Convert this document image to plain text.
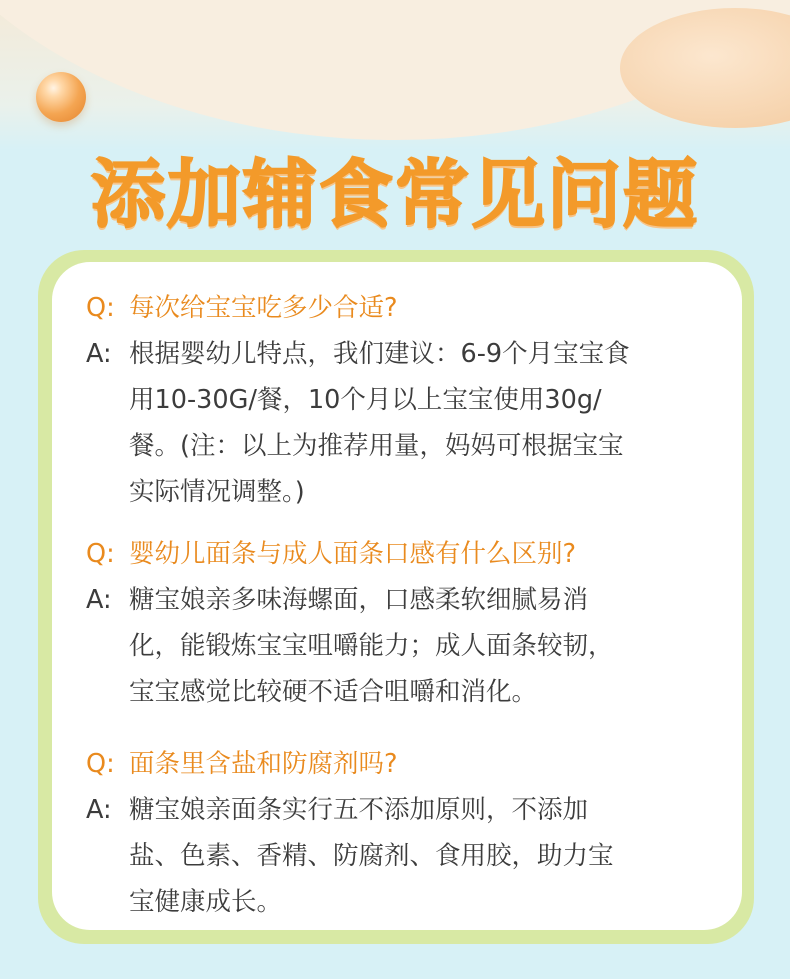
添加辅食常见问题
Q: 每次给宝宝吃多少合适?
A: 根据婴幼儿特点，我们建议：6-9个月宝宝食
用10-30G/餐，10个月以上宝宝使用30g/
餐。(注：以上为推荐用量，妈妈可根据宝宝
实际情况调整。)
Q: 婴幼儿面条与成人面条口感有什么区别?
A: 糖宝娘亲多味海螺面，口感柔软细腻易消
化，能锻炼宝宝咀嚼能力；成人面条较韧，
宝宝感觉比较硬不适合咀嚼和消化。
Q: 面条里含盐和防腐剂吗?
A: 糖宝娘亲面条实行五不添加原则，不添加
盐、色素、香精、防腐剂、食用胶，助力宝
宝健康成长。
